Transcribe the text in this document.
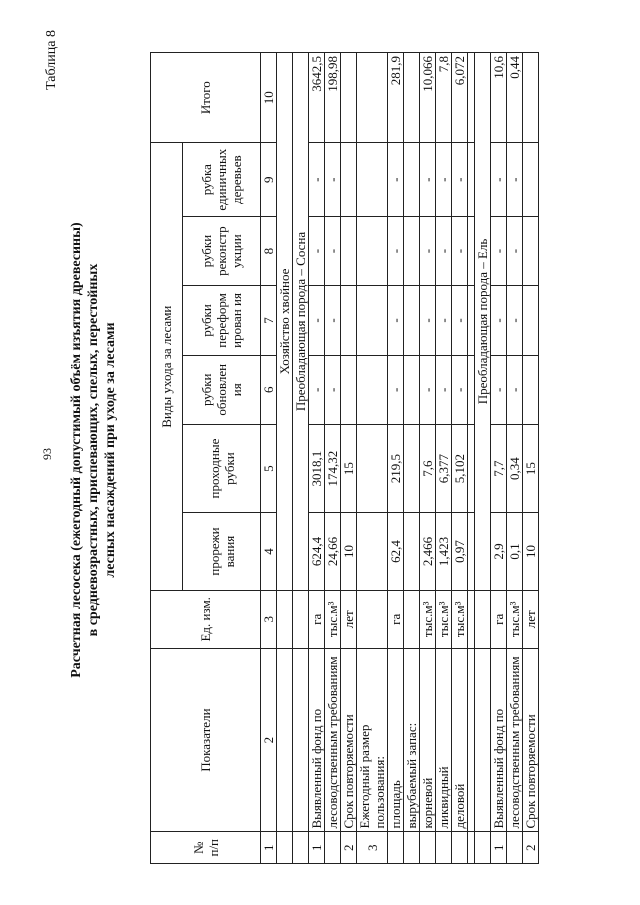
93
Таблица 8
Расчетная лесосека (ежегодный допустимый объём изъятия древесины) в средневозрастных, приспевающих, спелых, перестойных лесных насаждений при уходе за лесами
№ п/п	Показатели	Ед. изм.	Виды ухода за лесами						Итого
			прорежи вания	проходные рубки	рубки обновлен ия	рубки переформ ирован ия	рубки реконстр укции	рубка единичных деревьев	
1	2	3	4	5	6	7	8	9	10
			Хозяйство хвойное						
			Преобладающая порода – Сосна						
1	Выявленный фонд по	га	624,4	3018,1	-	-	-	-	3642,5
	лесоводственным требованиям	тыс.м³	24,66	174,32	-	-	-	-	198,98
2	Срок повторяемости	лет	10	15					
3	Ежегодный размер пользования:								
	площадь	га	62,4	219,5	-	-	-	-	281,9
	вырубаемый запас:								
	корневой	тыс.м³	2,466	7,6	-	-	-	-	10,066
	ликвидный	тыс.м³	1,423	6,377	-	-	-	-	7,8
	деловой	тыс.м³	0,97	5,102	-	-	-	-	6,072

			Преобладающая порода – Ель						
1	Выявленный фонд по	га	2,9	7,7	-	-	-	-	10,6
	лесоводственным требованиям	тыс.м³	0,1	0,34	-	-	-	-	0,44
2	Срок повторяемости	лет	10	15					
